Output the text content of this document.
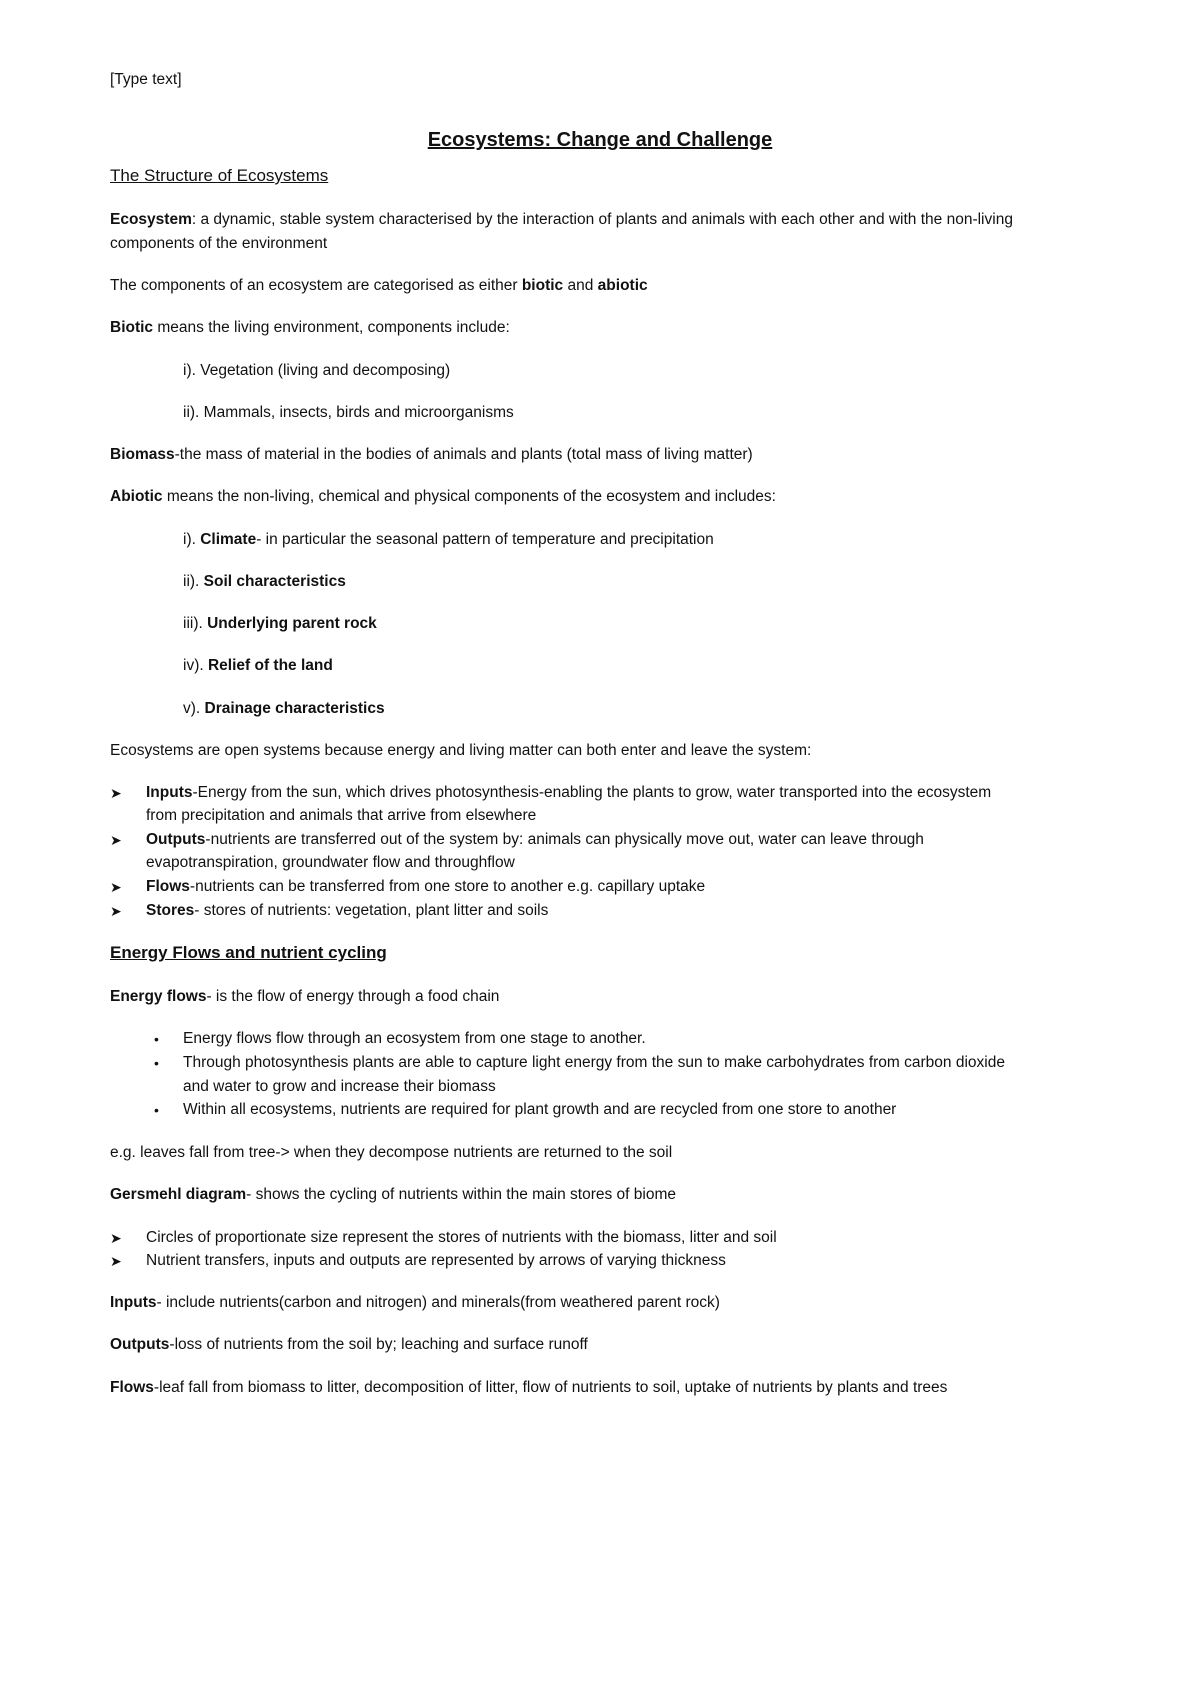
[Type text]
Ecosystems: Change and Challenge
The Structure of Ecosystems
Ecosystem: a dynamic, stable system characterised by the interaction of plants and animals with each other and with the non-living
components of the environment
The components of an ecosystem are categorised as either biotic and abiotic
Biotic means the living environment, components include:
i). Vegetation (living and decomposing)
ii). Mammals, insects, birds and microorganisms
Biomass-the mass of material in the bodies of animals and plants (total mass of living matter)
Abiotic means the non-living, chemical and physical components of the ecosystem and includes:
i). Climate- in particular the seasonal pattern of temperature and precipitation
ii). Soil characteristics
iii). Underlying parent rock
iv). Relief of the land
v). Drainage characteristics
Ecosystems are open systems because energy and living matter can both enter and leave the system:
➤ Inputs-Energy from the sun, which drives photosynthesis-enabling the plants to grow, water transported into the ecosystem
from precipitation and animals that arrive from elsewhere
➤ Outputs-nutrients are transferred out of the system by: animals can physically move out, water can leave through
evapotranspiration, groundwater flow and throughflow
➤ Flows-nutrients can be transferred from one store to another e.g. capillary uptake
➤ Stores- stores of nutrients: vegetation, plant litter and soils
Energy Flows and nutrient cycling
Energy flows- is the flow of energy through a food chain
• Energy flows flow through an ecosystem from one stage to another.
• Through photosynthesis plants are able to capture light energy from the sun to make carbohydrates from carbon dioxide
and water to grow and increase their biomass
• Within all ecosystems, nutrients are required for plant growth and are recycled from one store to another
e.g. leaves fall from tree-> when they decompose nutrients are returned to the soil
Gersmehl diagram- shows the cycling of nutrients within the main stores of biome
➤ Circles of proportionate size represent the stores of nutrients with the biomass, litter and soil
➤ Nutrient transfers, inputs and outputs are represented by arrows of varying thickness
Inputs- include nutrients(carbon and nitrogen) and minerals(from weathered parent rock)
Outputs-loss of nutrients from the soil by; leaching and surface runoff
Flows-leaf fall from biomass to litter, decomposition of litter, flow of nutrients to soil, uptake of nutrients by plants and trees
